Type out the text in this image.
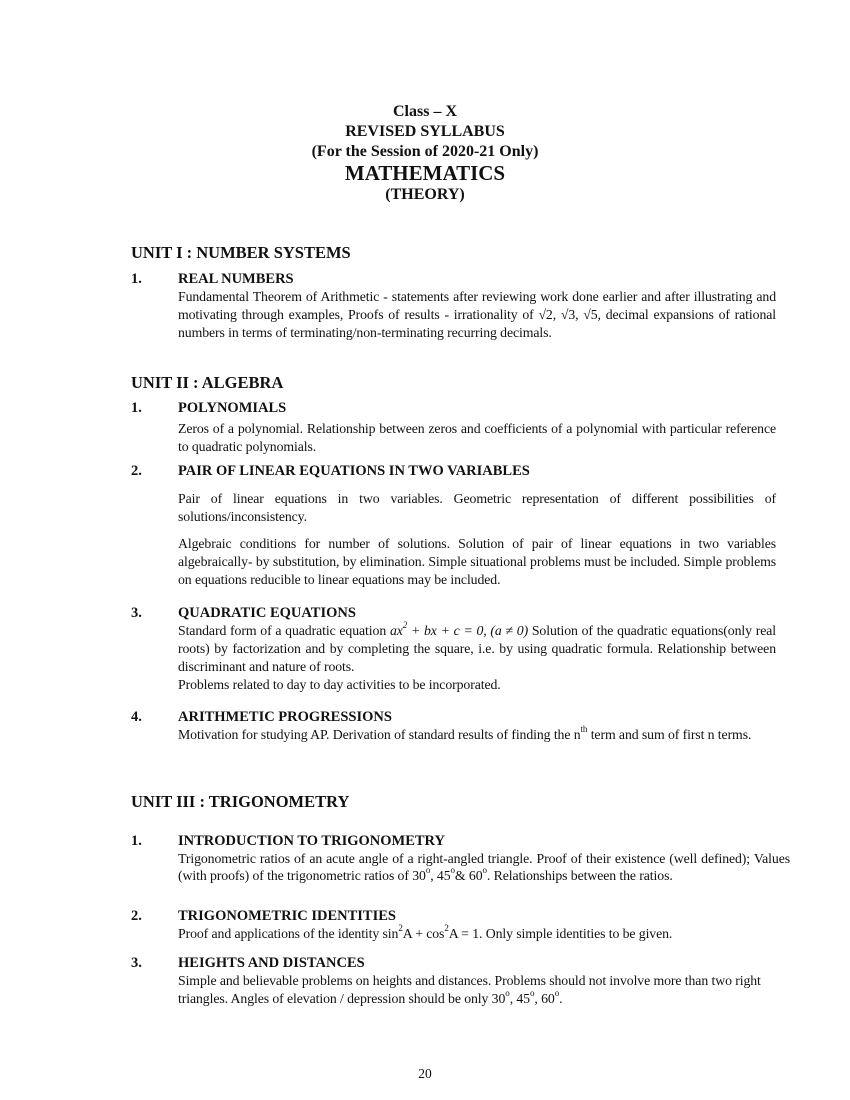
Class – X
REVISED SYLLABUS
(For the Session of 2020-21 Only)
MATHEMATICS
(THEORY)
UNIT I : NUMBER SYSTEMS
1. REAL NUMBERS
Fundamental Theorem of Arithmetic - statements after reviewing work done earlier and after illustrating and motivating through examples, Proofs of results - irrationality of √2, √3, √5, decimal expansions of rational numbers in terms of terminating/non-terminating recurring decimals.
UNIT II : ALGEBRA
1. POLYNOMIALS
Zeros of a polynomial. Relationship between zeros and coefficients of a polynomial with particular reference to quadratic polynomials.
2. PAIR OF LINEAR EQUATIONS IN TWO VARIABLES

Pair of linear equations in two variables. Geometric representation of different possibilities of solutions/inconsistency.

Algebraic conditions for number of solutions. Solution of pair of linear equations in two variables algebraically- by substitution, by elimination. Simple situational problems must be included. Simple problems on equations reducible to linear equations may be included.

3. QUADRATIC EQUATIONS

Standard form of a quadratic equation $ax^2$ + bx + c = 0, (a ≠ 0) Solution of the quadratic equations(only real roots) by factorization and by completing the square, i.e. by using quadratic formula. Relationship between discriminant and nature of roots.

Problems related to day to day activities to be incorporated.

4. ARITHMETIC PROGRESSIONS

Motivation for studying AP. Derivation of standard results of finding the $n^{th}$ term and sum of first n terms.

UNIT III : TRIGONOMETRY
1. INTRODUCTION TO TRIGONOMETRY

Trigonometric ratios of an acute angle of a right-angled triangle. Proof of their existence (well defined); Values (with proofs) of the trigonometric ratios of 30$^o$, 45$^o$& 60$^o$. Relationships between the ratios.

2. TRIGONOMETRIC IDENTITIES

Proof and applications of the identity $\sin^2A + \cos^2A = 1$. Only simple identities to be given.

3. HEIGHTS AND DISTANCES

Simple and believable problems on heights and distances. Problems should not involve more than two right triangles. Angles of elevation / depression should be only 30$^o$, 45$^o$, 60$^o$.

20
